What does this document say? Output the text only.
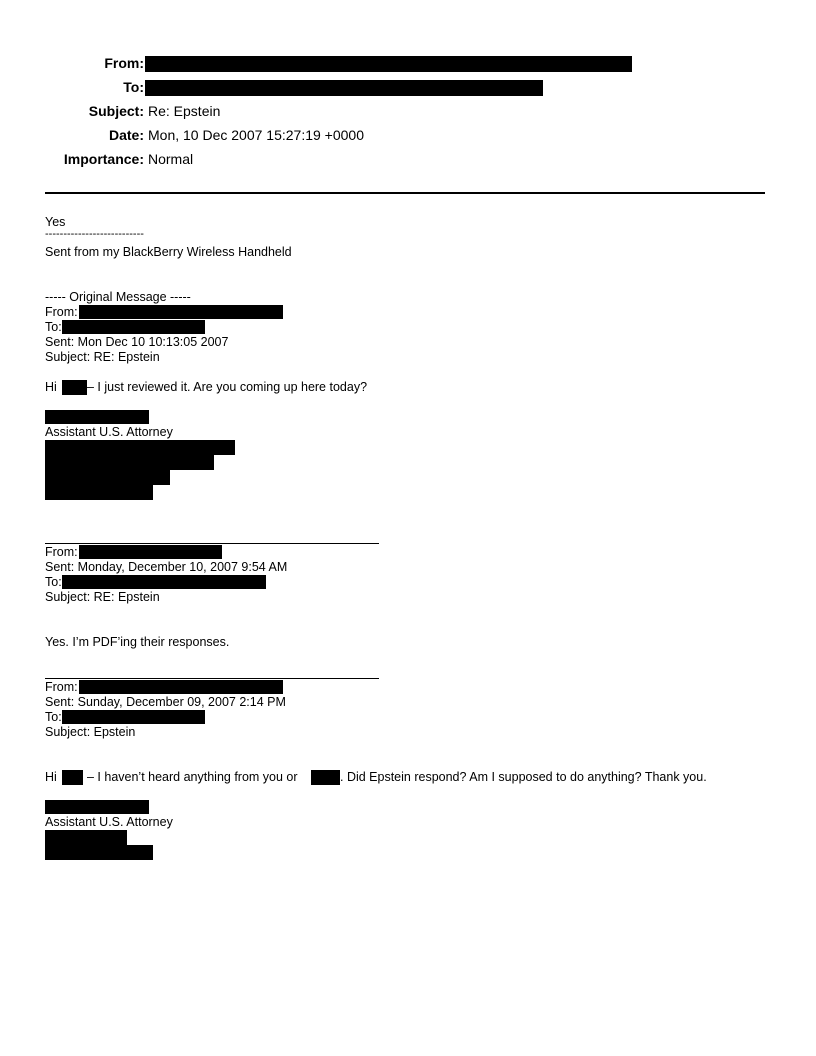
From:
To:
Subject: Re: Epstein
Date: Mon, 10 Dec 2007 15:27:19 +0000
Importance: Normal
Yes
---------------------------
Sent from my BlackBerry Wireless Handheld
----- Original Message -----
From:
To:
Sent: Mon Dec 10 10:13:05 2007
Subject: RE: Epstein
Hi – I just reviewed it. Are you coming up here today?
Assistant U.S. Attorney
From:
Sent: Monday, December 10, 2007 9:54 AM
To:
Subject: RE: Epstein
Yes. I’m PDF’ing their responses.
From:
Sent: Sunday, December 09, 2007 2:14 PM
To:
Subject: Epstein
Hi – I haven’t heard anything from you or	. Did Epstein respond? Am I supposed to do anything? Thank you.
Assistant U.S. Attorney
